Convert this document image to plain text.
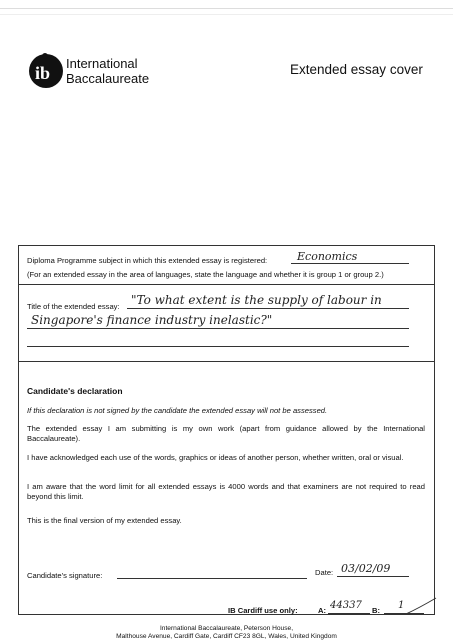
ib International
Baccalaureate
Extended essay cover
Diploma Programme subject in which this extended essay is registered:	Economics
(For an extended essay in the area of languages, state the language and whether it is group 1 or group 2.)
Title of the extended essay: "To what extent is the supply of labour in
Singapore's finance industry inelastic?"
Candidate's declaration
If this declaration is not signed by the candidate the extended essay will not be assessed.
The extended essay I am submitting is my own work (apart from guidance allowed by the International Baccalaureate).
I have acknowledged each use of the words, graphics or ideas of another person, whether written, oral or visual.
I am aware that the word limit for all extended essays is 4000 words and that examiners are not required to read beyond this limit.
This is the final version of my extended essay.
Candidate's signature:	Date: 03/02/09
IB Cardiff use only:	A: 44337 B: 1
International Baccalaureate, Peterson House,
Malthouse Avenue, Cardiff Gate, Cardiff CF23 8GL, Wales, United Kingdom
